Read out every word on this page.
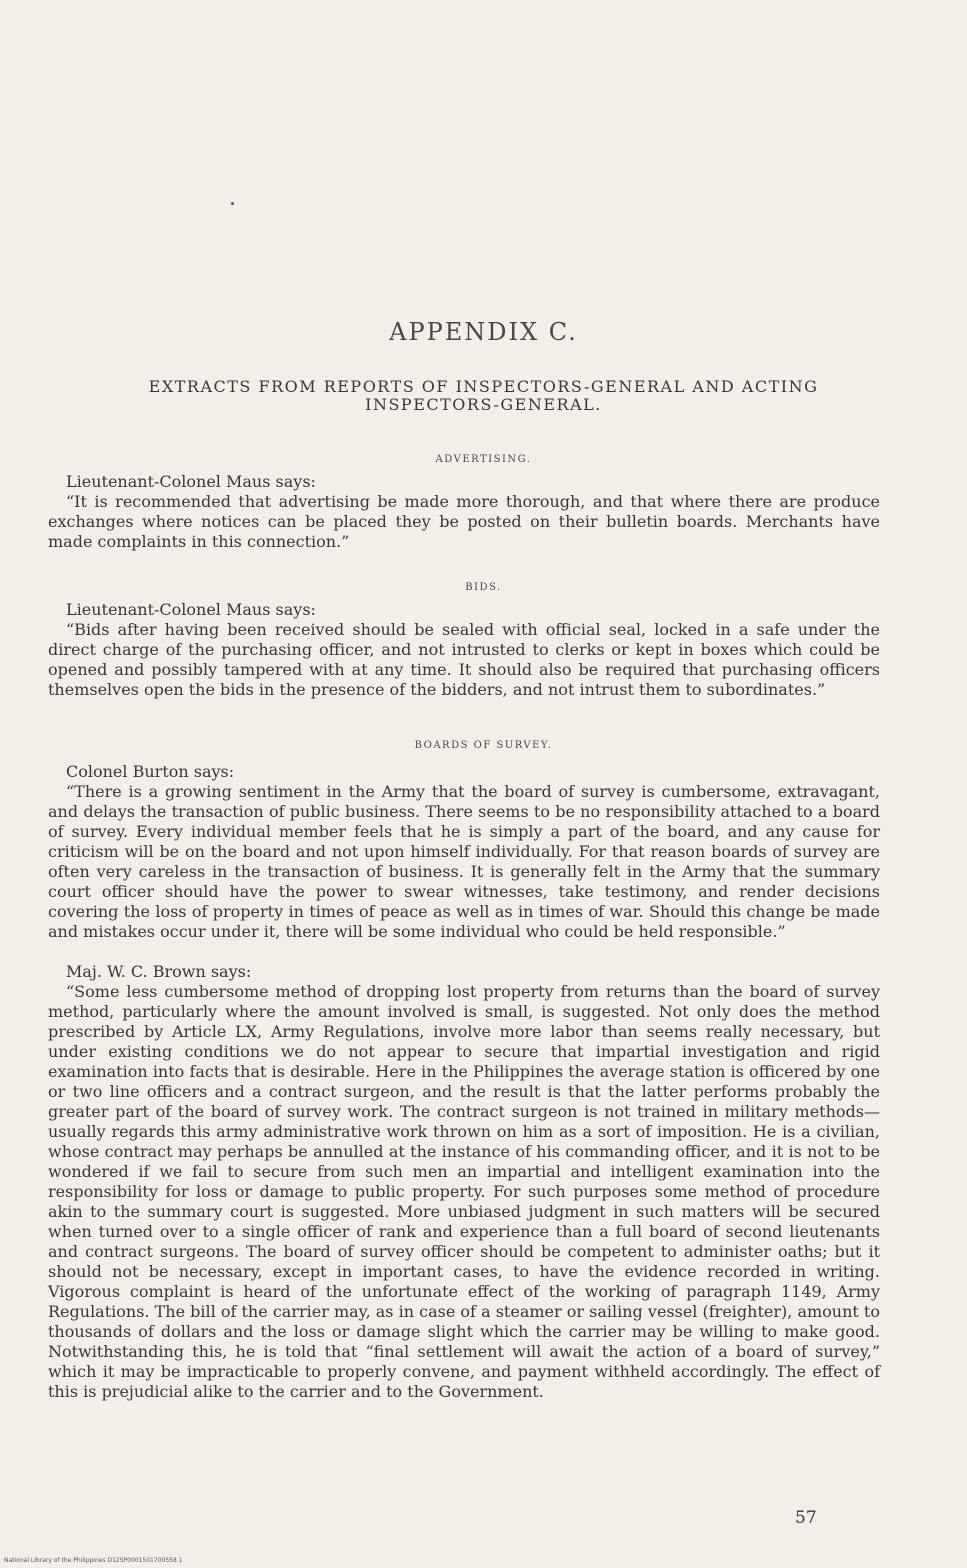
APPENDIX C.
EXTRACTS FROM REPORTS OF INSPECTORS-GENERAL AND ACTING
INSPECTORS-GENERAL.
ADVERTISING.
Lieutenant-Colonel Maus says:

“It is recommended that advertising be made more thorough, and that where there are produce exchanges where notices can be placed they be posted on their bulletin boards. Merchants have made complaints in this connection.”

BIDS.
Lieutenant-Colonel Maus says:

“Bids after having been received should be sealed with official seal, locked in a safe under the direct charge of the purchasing officer, and not intrusted to clerks or kept in boxes which could be opened and possibly tampered with at any time. It should also be required that purchasing officers themselves open the bids in the presence of the bidders, and not intrust them to subordinates.”

BOARDS OF SURVEY.
Colonel Burton says:

“There is a growing sentiment in the Army that the board of survey is cumbersome, extravagant, and delays the transaction of public business. There seems to be no responsibility attached to a board of survey. Every individual member feels that he is simply a part of the board, and any cause for criticism will be on the board and not upon himself individually. For that reason boards of survey are often very careless in the transaction of business. It is generally felt in the Army that the summary court officer should have the power to swear witnesses, take testimony, and render decisions covering the loss of property in times of peace as well as in times of war. Should this change be made and mistakes occur under it, there will be some individual who could be held responsible.”

Maj. W. C. Brown says:

“Some less cumbersome method of dropping lost property from returns than the board of survey method, particularly where the amount involved is small, is suggested. Not only does the method prescribed by Article LX, Army Regulations, involve more labor than seems really necessary, but under existing conditions we do not appear to secure that impartial investigation and rigid examination into facts that is desirable. Here in the Philippines the average station is officered by one or two line officers and a contract surgeon, and the result is that the latter performs probably the greater part of the board of survey work. The contract surgeon is not trained in military methods—usually regards this army administrative work thrown on him as a sort of imposition. He is a civilian, whose contract may perhaps be annulled at the instance of his commanding officer, and it is not to be wondered if we fail to secure from such men an impartial and intelligent examination into the responsibility for loss or damage to public property. For such purposes some method of procedure akin to the summary court is suggested. More unbiased judgment in such matters will be secured when turned over to a single officer of rank and experience than a full board of second lieutenants and contract surgeons. The board of survey officer should be competent to administer oaths; but it should not be necessary, except in important cases, to have the evidence recorded in writing. Vigorous complaint is heard of the unfortunate effect of the working of paragraph 1149, Army Regulations. The bill of the carrier may, as in case of a steamer or sailing vessel (freighter), amount to thousands of dollars and the loss or damage slight which the carrier may be willing to make good. Notwithstanding this, he is told that “final settlement will await the action of a board of survey,” which it may be impracticable to properly convene, and payment withheld accordingly. The effect of this is prejudicial alike to the carrier and to the Government.

57
National Library of the Philippines D12SP0001501700558 1
